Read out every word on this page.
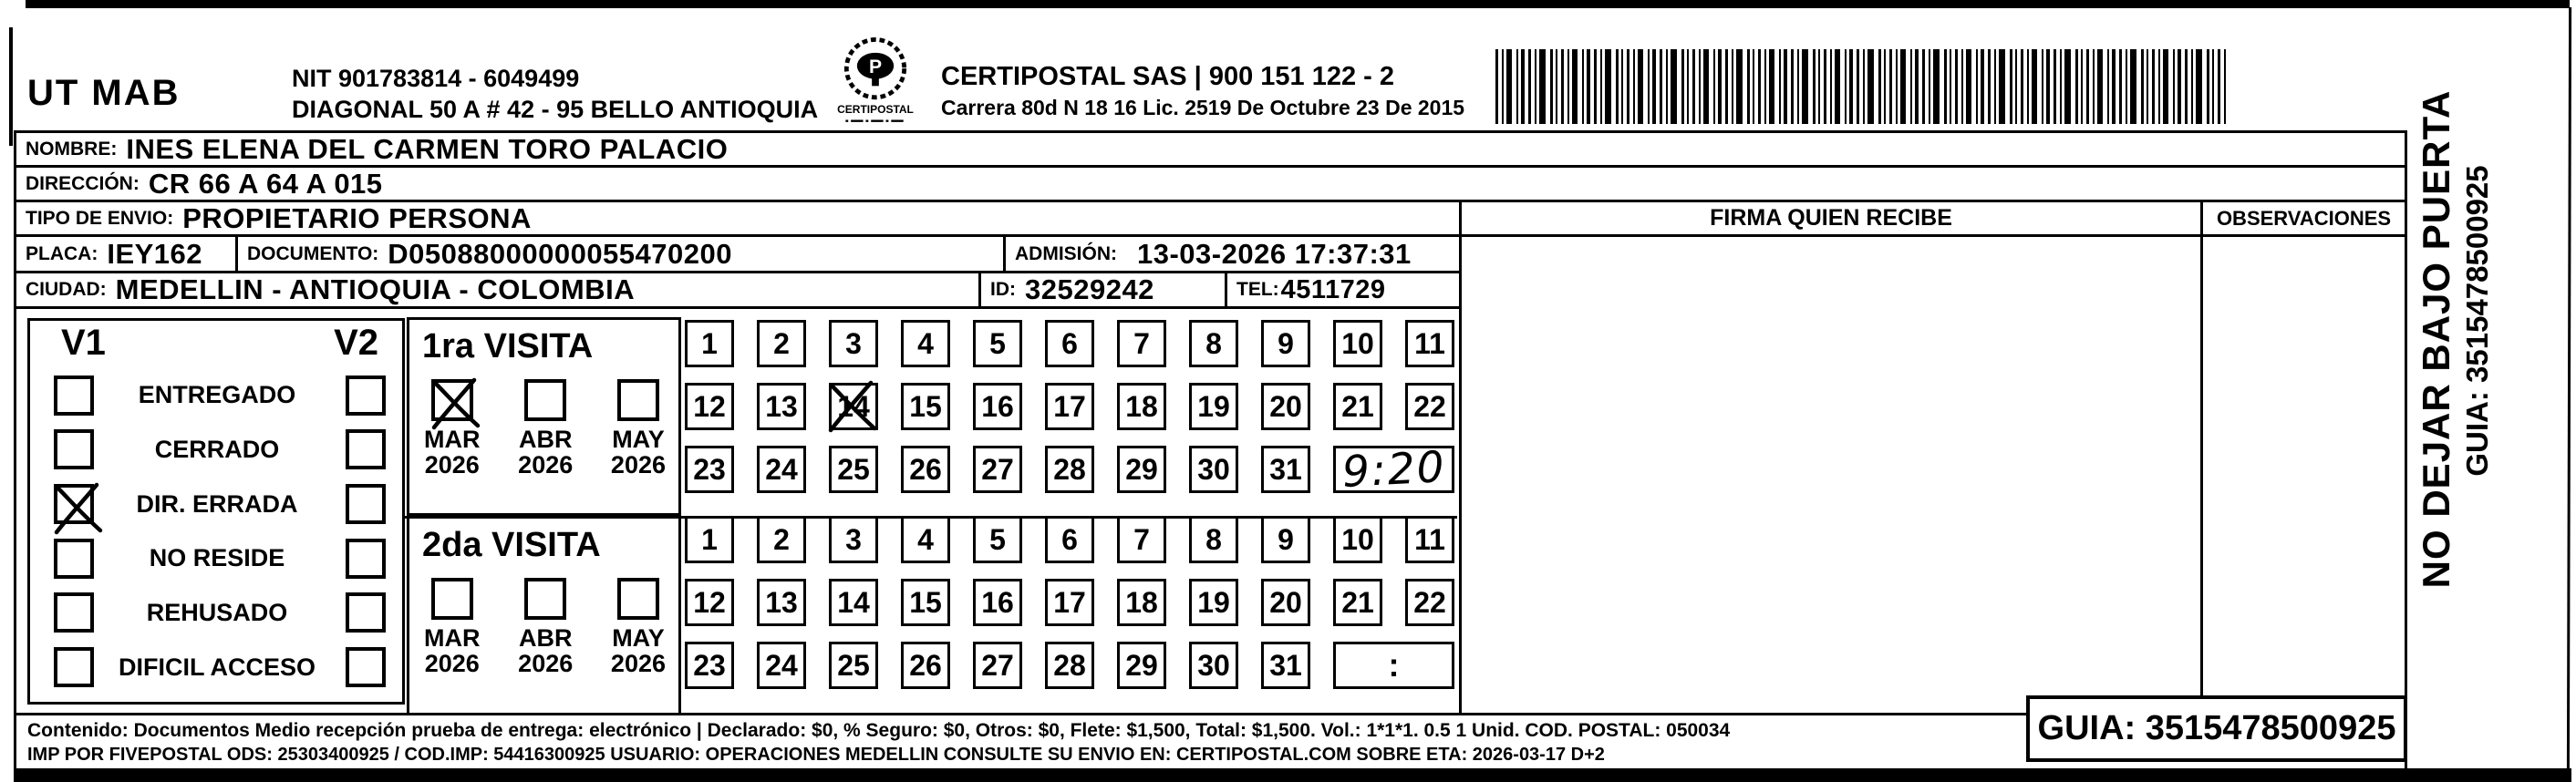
UT MAB	NIT 901783814 - 6049499
DIAGONAL 50 A # 42 - 95 BELLO ANTIOQUIA
P
CERTIPOSTAL
CERTIPOSTAL SAS | 900 151 122 - 2
Carrera 80d N 18 16 Lic. 2519 De Octubre 23 De 2015
NOMBRE: INES ELENA DEL CARMEN TORO PALACIO
DIRECCIÓN: CR 66 A 64 A 015
TIPO DE ENVIO: PROPIETARIO PERSONA
PLACA: IEY162 DOCUMENTO: D05088000000055470200	ADMISIÓN: 13-03-2026 17:37:31
CIUDAD: MEDELLIN - ANTIOQUIA - COLOMBIA	ID: 32529242	TEL: 4511729
FIRMA QUIEN RECIBE	OBSERVACIONES
V1	V2
ENTREGADO
CERRADO
DIR. ERRADA
NO RESIDE
REHUSADO
DIFICIL ACCESO
1ra VISITA
MAR
2026
ABR
2026
MAY
2026
2da VISITA
MAR
2026
ABR
2026
MAY
2026
1 2 3 4 5 6 7 8 9 10 11
12 13 14 15 16 17 18 19 20 21 22
23 24 25 26 27 28 29 30 31 9:20
1 2 3 4 5 6 7 8 9 10 11
12 13 14 15 16 17 18 19 20 21 22
23 24 25 26 27 28 29 30 31	:
Contenido: Documentos Medio recepción prueba de entrega: electrónico | Declarado: $0, % Seguro: $0, Otros: $0, Flete: $1,500, Total: $1,500. Vol.: 1*1*1. 0.5 1 Unid. COD. POSTAL: 050034
IMP POR FIVEPOSTAL ODS: 25303400925 / COD.IMP: 54416300925 USUARIO: OPERACIONES MEDELLIN CONSULTE SU ENVIO EN: CERTIPOSTAL.COM SOBRE ETA: 2026-03-17 D+2
GUIA: 3515478500925
NO DEJAR BAJO PUERTA GUIA: 3515478500925
